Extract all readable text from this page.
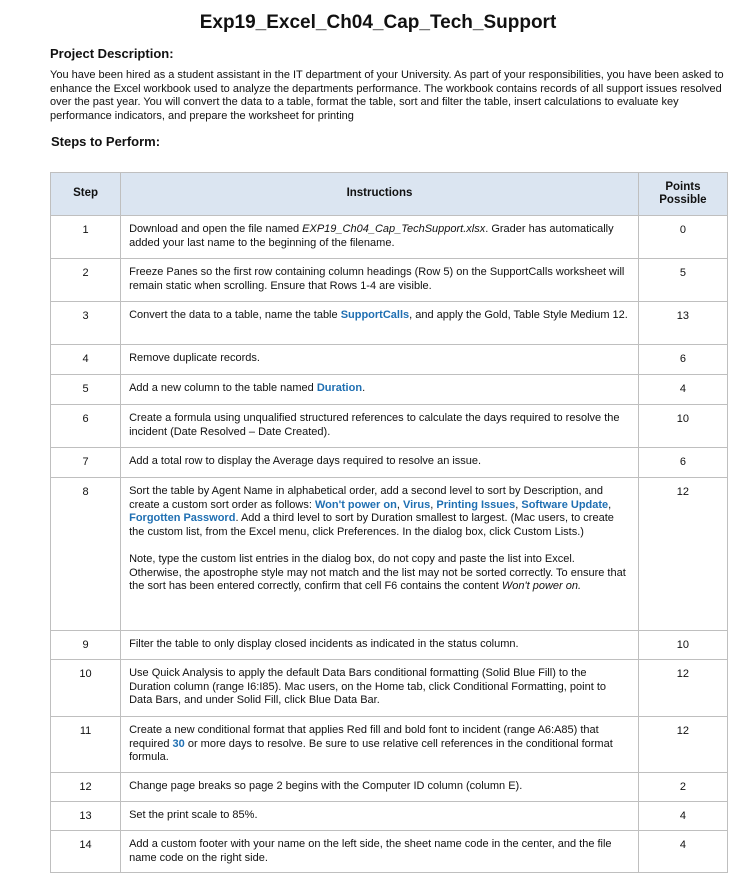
Exp19_Excel_Ch04_Cap_Tech_Support
Project Description:
You have been hired as a student assistant in the IT department of your University. As part of your responsibilities, you have been asked to enhance the Excel workbook used to analyze the departments performance. The workbook contains records of all support issues resolved over the past year. You will convert the data to a table, format the table, sort and filter the table, insert calculations to evaluate key performance indicators, and prepare the worksheet for printing
Steps to Perform:
Step	Instructions	Points
Possible
1	Download and open the file named EXP19_Ch04_Cap_TechSupport.xlsx. Grader has automatically added your last name to the beginning of the filename.	0
2	Freeze Panes so the first row containing column headings (Row 5) on the SupportCalls worksheet will remain static when scrolling. Ensure that Rows 1-4 are visible.	5
3	Convert the data to a table, name the table SupportCalls, and apply the Gold, Table Style Medium 12.	13
4	Remove duplicate records.	6
5	Add a new column to the table named Duration.	4
6	Create a formula using unqualified structured references to calculate the days required to resolve the incident (Date Resolved – Date Created).	10
7	Add a total row to display the Average days required to resolve an issue.	6
8	Sort the table by Agent Name in alphabetical order, add a second level to sort by Description, and create a custom sort order as follows: Won't power on, Virus, Printing Issues, Software Update, Forgotten Password. Add a third level to sort by Duration smallest to largest. (Mac users, to create the custom list, from the Excel menu, click Preferences. In the dialog box, click Custom Lists.)
Note, type the custom list entries in the dialog box, do not copy and paste the list into Excel. Otherwise, the apostrophe style may not match and the list may not be sorted correctly. To ensure that the sort has been entered correctly, confirm that cell F6 contains the content Won't power on.	12
9	Filter the table to only display closed incidents as indicated in the status column.	10
10	Use Quick Analysis to apply the default Data Bars conditional formatting (Solid Blue Fill) to the Duration column (range I6:I85). Mac users, on the Home tab, click Conditional Formatting, point to Data Bars, and under Solid Fill, click Blue Data Bar.	12
11	Create a new conditional format that applies Red fill and bold font to incident (range A6:A85) that required 30 or more days to resolve. Be sure to use relative cell references in the conditional format formula.	12
12	Change page breaks so page 2 begins with the Computer ID column (column E).	2
13	Set the print scale to 85%.	4
14	Add a custom footer with your name on the left side, the sheet name code in the center, and the file name code on the right side.	4
